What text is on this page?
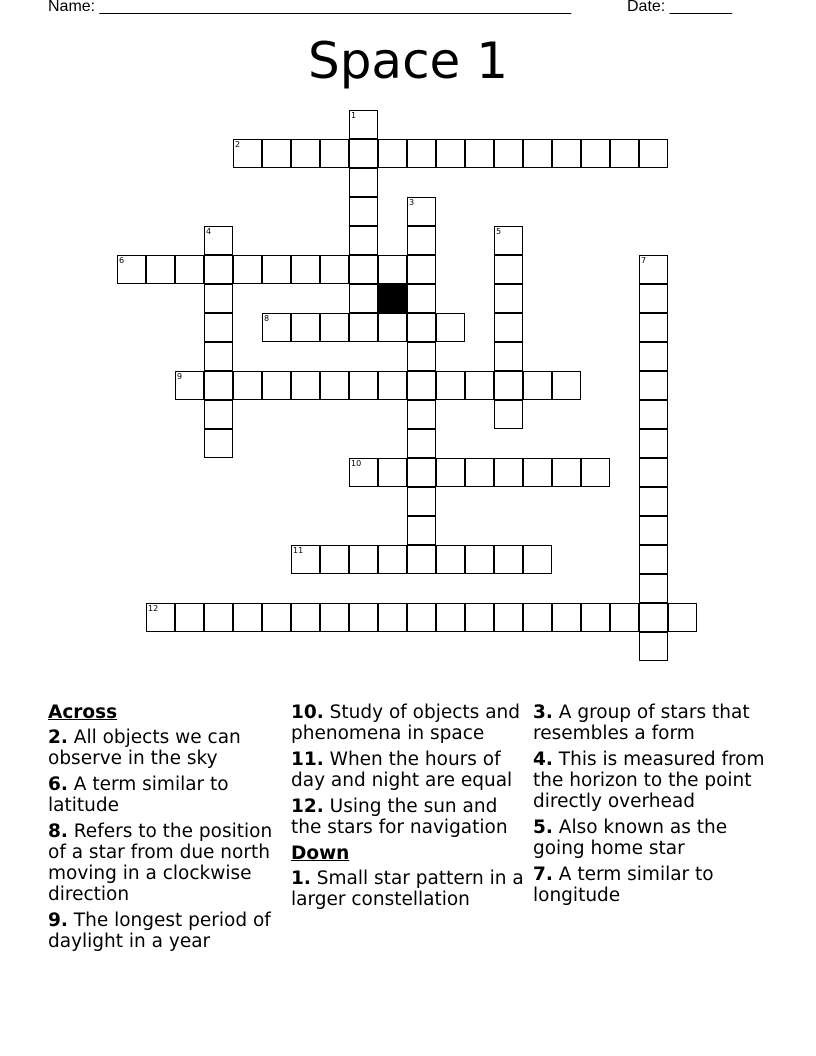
Name: _____________________________________________________	Date: _______
Space 1
2
6
8
9
10
11
12
1
3
4	5
7
Across
2. All objects we can observe in the sky
6. A term similar to latitude
8. Refers to the position of a star from due north moving in a clockwise direction
9. The longest period of daylight in a year
10. Study of objects and phenomena in space
11. When the hours of day and night are equal
12. Using the sun and the stars for navigation
Down
1. Small star pattern in a larger constellation
3. A group of stars that resembles a form
4. This is measured from the horizon to the point directly overhead
5. Also known as the going home star
7. A term similar to longitude
